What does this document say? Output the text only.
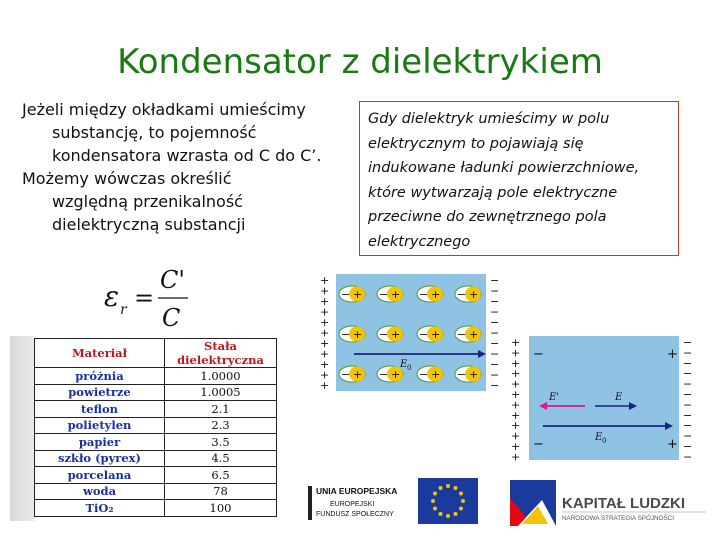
Kondensator z dielektrykiem
Jeżeli między okładkami umieścimy
substancję, to pojemność
kondensatora wzrasta od C do C’.
Możemy wówczas określić
względną przenikalność
dielektryczną substancji
Gdy dielektryk umieścimy w polu
elektrycznym to pojawiają się
indukowane ładunki powierzchniowe,
które wytwarzają pole elektryczne
przeciwne do zewnętrznego pola
elektrycznego
ε r =
C'
C
Materiał	Stała dielektryczna
próżnia	1.0000
powietrze	1.0005
teflon	2.1
polietylen	2.3
papier	3.5
szkło (pyrex)	4.5
porcelana	6.5
woda	78
TiO₂	100
+
+
+
+
+
+
+
+
+
+
+
−
−
−
−
−
−
−
−
−
−
−
− + − + − + − +
− + − + − + − +
− + − + − + − +
E 0
+
+
+
+
+
+
+
+
+
+
+
+
−
−
−
−
−
−
−
−
−
−
−
−
−
−
+
+
E'	E
E 0
UNIA EUROPEJSKA
EUROPEJSKI
FUNDUSZ SPOŁECZNY
KAPITAŁ LUDZKI
NARODOWA STRATEGIA SPÓJNOŚCI
